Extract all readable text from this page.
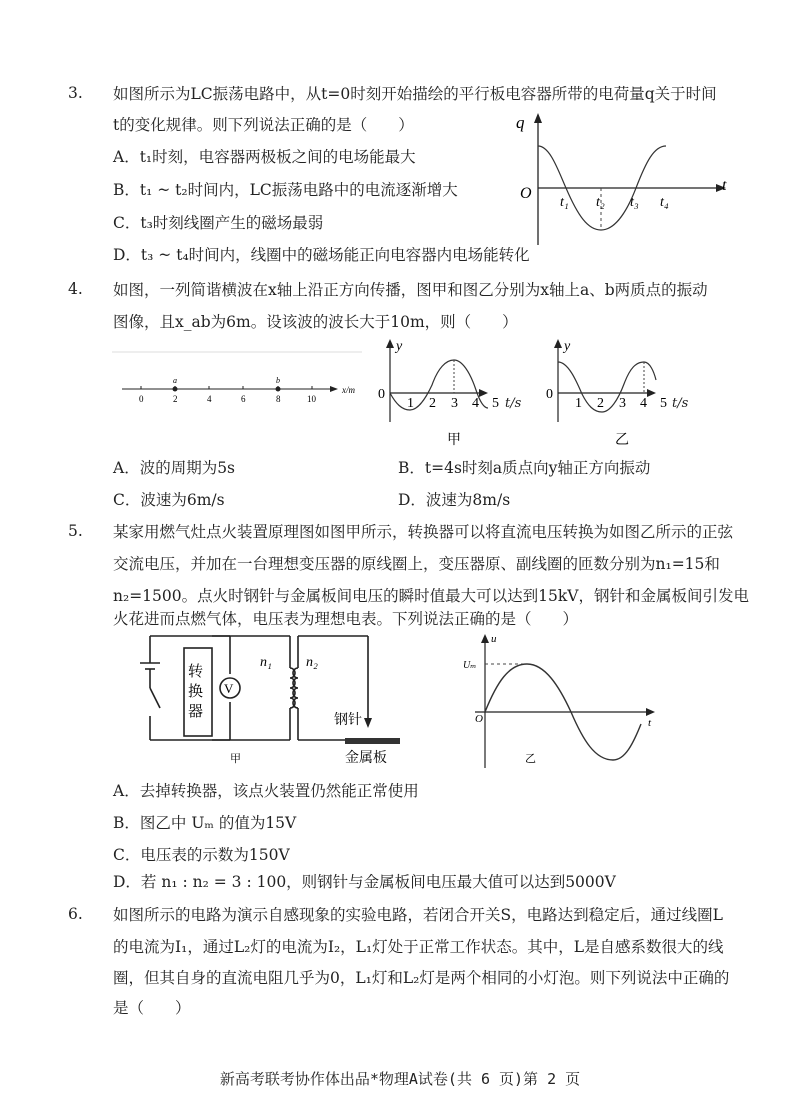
3. 如图所示为LC振荡电路中，从t=0时刻开始描绘的平行板电容器所带的电荷量q关于时间
t的变化规律。则下列说法正确的是（　　）
A．t₁时刻，电容器两极板之间的电场能最大
B．t₁ ~ t₂时间内，LC振荡电路中的电流逐渐增大
C．t₃时刻线圈产生的磁场最弱
D．t₃ ~ t₄时间内，线圈中的磁场能正向电容器内电场能转化
q
t
O
t₁ t₂ t₃ t₄
4. 如图，一列简谐横波在x轴上沿正方向传播，图甲和图乙分别为x轴上a、b两质点的振动
图像，且x_ab为6m。设该波的波长大于10m，则（　　）
a	b
0	2	4	6	8	10
x/m
y
0
1 2 3 4 5
甲
t/s
y
0
1 2 3 4 5
乙
t/s
A．波的周期为5s	B．t=4s时刻a质点向y轴正方向振动
C．波速为6m/s	D．波速为8m/s
5. 某家用燃气灶点火装置原理图如图甲所示，转换器可以将直流电压转换为如图乙所示的正弦
交流电压，并加在一台理想变压器的原线圈上，变压器原、副线圈的匝数分别为n₁=15和
n₂=1500。点火时钢针与金属板间电压的瞬时值最大可以达到15kV，钢针和金属板间引发电
火花进而点燃气体，电压表为理想电表。下列说法正确的是（　　）
转
换
器
V
n₁ n₂
钢针
金属板
甲
u
Uₘ
O	t
乙
A．去掉转换器，该点火装置仍然能正常使用
B．图乙中 Uₘ 的值为15V
C．电压表的示数为150V
D．若 n₁ : n₂ = 3 : 100，则钢针与金属板间电压最大值可以达到5000V
6. 如图所示的电路为演示自感现象的实验电路，若闭合开关S，电路达到稳定后，通过线圈L
的电流为I₁，通过L₂灯的电流为I₂，L₁灯处于正常工作状态。其中，L是自感系数很大的线
圈，但其自身的直流电阻几乎为0，L₁灯和L₂灯是两个相同的小灯泡。则下列说法中正确的
是（　　）
新高考联考协作体出品*物理A试卷(共 6 页)第 2 页
